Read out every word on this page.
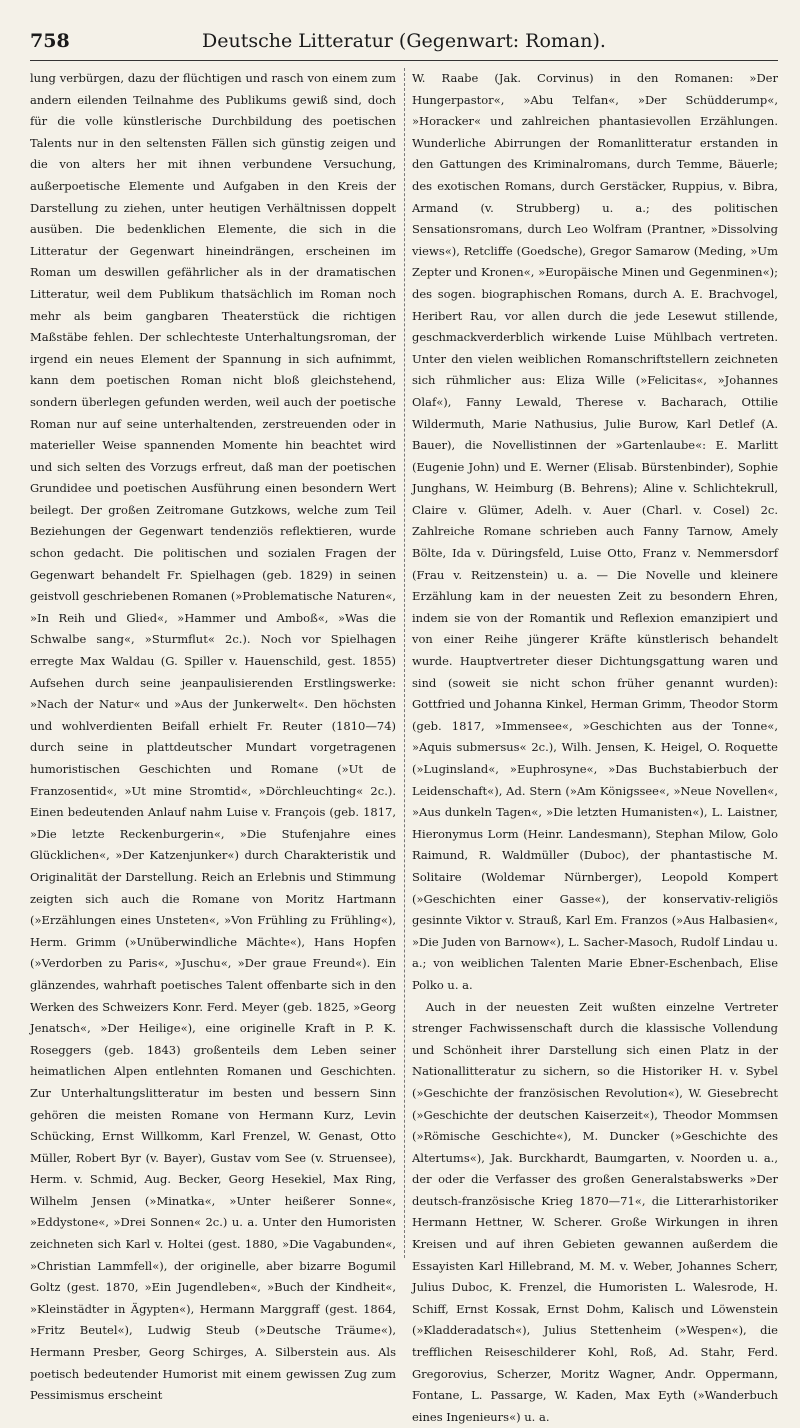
758	Deutsche Litteratur (Gegenwart: Roman).

lung verbürgen, dazu der flüchtigen und rasch von einem zum andern eilenden Teilnahme des Publikums gewiß sind, doch für die volle künstlerische Durchbildung des poetischen Talents nur in den seltensten Fällen sich günstig zeigen und die von alters her mit ihnen verbundene Versuchung, außerpoetische Elemente und Aufgaben in den Kreis der Darstellung zu ziehen, unter heutigen Verhältnissen doppelt ausüben. Die bedenklichen Elemente, die sich in die Litteratur der Gegenwart hineindrängen, erscheinen im Roman um deswillen gefährlicher als in der dramatischen Litteratur, weil dem Publikum thatsächlich im Roman noch mehr als beim gangbaren Theaterstück die richtigen Maßstäbe fehlen. Der schlechteste Unterhaltungsroman, der irgend ein neues Element der Spannung in sich aufnimmt, kann dem poetischen Roman nicht bloß gleichstehend, sondern überlegen gefunden werden, weil auch der poetische Roman nur auf seine unterhaltenden, zerstreuenden oder in materieller Weise spannenden Momente hin beachtet wird und sich selten des Vorzugs erfreut, daß man der poetischen Grundidee und poetischen Ausführung einen besondern Wert beilegt. Der großen Zeitromane Gutzkows, welche zum Teil Beziehungen der Gegenwart tendenziös reflektieren, wurde schon gedacht. Die politischen und sozialen Fragen der Gegenwart behandelt Fr. Spielhagen (geb. 1829) in seinen geistvoll geschriebenen Romanen (»Problematische Naturen«, »In Reih und Glied«, »Hammer und Amboß«, »Was die Schwalbe sang«, »Sturmflut« 2c.). Noch vor Spielhagen erregte Max Waldau (G. Spiller v. Hauenschild, gest. 1855) Aufsehen durch seine jeanpaulisierenden Erstlingswerke: »Nach der Natur« und »Aus der Junkerwelt«. Den höchsten und wohlverdienten Beifall erhielt Fr. Reuter (1810—74) durch seine in plattdeutscher Mundart vorgetragenen humoristischen Geschichten und Romane (»Ut de Franzosentid«, »Ut mine Stromtid«, »Dörchleuchting« 2c.). Einen bedeutenden Anlauf nahm Luise v. François (geb. 1817, »Die letzte Reckenburgerin«, »Die Stufenjahre eines Glücklichen«, »Der Katzenjunker«) durch Charakteristik und Originalität der Darstellung. Reich an Erlebnis und Stimmung zeigten sich auch die Romane von Moritz Hartmann (»Erzählungen eines Unsteten«, »Von Frühling zu Frühling«), Herm. Grimm (»Unüberwindliche Mächte«), Hans Hopfen (»Verdorben zu Paris«, »Juschu«, »Der graue Freund«). Ein glänzendes, wahrhaft poetisches Talent offenbarte sich in den Werken des Schweizers Konr. Ferd. Meyer (geb. 1825, »Georg Jenatsch«, »Der Heilige«), eine originelle Kraft in P. K. Roseggers (geb. 1843) großenteils dem Leben seiner heimatlichen Alpen entlehnten Romanen und Geschichten. Zur Unterhaltungslitteratur im besten und bessern Sinn gehören die meisten Romane von Hermann Kurz, Levin Schücking, Ernst Willkomm, Karl Frenzel, W. Genast, Otto Müller, Robert Byr (v. Bayer), Gustav vom See (v. Struensee), Herm. v. Schmid, Aug. Becker, Georg Hesekiel, Max Ring, Wilhelm Jensen (»Minatka«, »Unter heißerer Sonne«, »Eddystone«, »Drei Sonnen« 2c.) u. a. Unter den Humoristen zeichneten sich Karl v. Holtei (gest. 1880, »Die Vagabunden«, »Christian Lammfell«), der originelle, aber bizarre Bogumil Goltz (gest. 1870, »Ein Jugendleben«, »Buch der Kindheit«, »Kleinstädter in Ägypten«), Hermann Marggraff (gest. 1864, »Fritz Beutel«), Ludwig Steub (»Deutsche Träume«), Hermann Presber, Georg Schirges, A. Silberstein aus. Als poetisch bedeutender Humorist mit einem gewissen Zug zum Pessimismus erscheint

W. Raabe (Jak. Corvinus) in den Romanen: »Der Hungerpastor«, »Abu Telfan«, »Der Schüdderump«, »Horacker« und zahlreichen phantasievollen Erzählungen. Wunderliche Abirrungen der Romanlitteratur erstanden in den Gattungen des Kriminalromans, durch Temme, Bäuerle; des exotischen Romans, durch Gerstäcker, Ruppius, v. Bibra, Armand (v. Strubberg) u. a.; des politischen Sensationsromans, durch Leo Wolfram (Prantner, »Dissolving views«), Retcliffe (Goedsche), Gregor Samarow (Meding, »Um Zepter und Kronen«, »Europäische Minen und Gegenminen«); des sogen. biographischen Romans, durch A. E. Brachvogel, Heribert Rau, vor allen durch die jede Lesewut stillende, geschmackverderblich wirkende Luise Mühlbach vertreten. Unter den vielen weiblichen Romanschriftstellern zeichneten sich rühmlicher aus: Eliza Wille (»Felicitas«, »Johannes Olaf«), Fanny Lewald, Therese v. Bacharach, Ottilie Wildermuth, Marie Nathusius, Julie Burow, Karl Detlef (A. Bauer), die Novellistinnen der »Gartenlaube«: E. Marlitt (Eugenie John) und E. Werner (Elisab. Bürstenbinder), Sophie Junghans, W. Heimburg (B. Behrens); Aline v. Schlichtekrull, Claire v. Glümer, Adelh. v. Auer (Charl. v. Cosel) 2c. Zahlreiche Romane schrieben auch Fanny Tarnow, Amely Bölte, Ida v. Düringsfeld, Luise Otto, Franz v. Nemmersdorf (Frau v. Reitzenstein) u. a. — Die Novelle und kleinere Erzählung kam in der neuesten Zeit zu besondern Ehren, indem sie von der Romantik und Reflexion emanzipiert und von einer Reihe jüngerer Kräfte künstlerisch behandelt wurde. Hauptvertreter dieser Dichtungsgattung waren und sind (soweit sie nicht schon früher genannt wurden): Gottfried und Johanna Kinkel, Herman Grimm, Theodor Storm (geb. 1817, »Immensee«, »Geschichten aus der Tonne«, »Aquis submersus« 2c.), Wilh. Jensen, K. Heigel, O. Roquette (»Luginsland«, »Euphrosyne«, »Das Buchstabierbuch der Leidenschaft«), Ad. Stern (»Am Königssee«, »Neue Novellen«, »Aus dunkeln Tagen«, »Die letzten Humanisten«), L. Laistner, Hieronymus Lorm (Heinr. Landesmann), Stephan Milow, Golo Raimund, R. Waldmüller (Duboc), der phantastische M. Solitaire (Woldemar Nürnberger), Leopold Kompert (»Geschichten einer Gasse«), der konservativ-religiös gesinnte Viktor v. Strauß, Karl Em. Franzos (»Aus Halbasien«, »Die Juden von Barnow«), L. Sacher-Masoch, Rudolf Lindau u. a.; von weiblichen Talenten Marie Ebner-Eschenbach, Elise Polko u. a.

Auch in der neuesten Zeit wußten einzelne Vertreter strenger Fachwissenschaft durch die klassische Vollendung und Schönheit ihrer Darstellung sich einen Platz in der Nationallitteratur zu sichern, so die Historiker H. v. Sybel (»Geschichte der französischen Revolution«), W. Giesebrecht (»Geschichte der deutschen Kaiserzeit«), Theodor Mommsen (»Römische Geschichte«), M. Duncker (»Geschichte des Altertums«), Jak. Burckhardt, Baumgarten, v. Noorden u. a., der oder die Verfasser des großen Generalstabswerks »Der deutsch-französische Krieg 1870—71«, die Litterarhistoriker Hermann Hettner, W. Scherer. Große Wirkungen in ihren Kreisen und auf ihren Gebieten gewannen außerdem die Essayisten Karl Hillebrand, M. M. v. Weber, Johannes Scherr, Julius Duboc, K. Frenzel, die Humoristen L. Walesrode, H. Schiff, Ernst Kossak, Ernst Dohm, Kalisch und Löwenstein (»Kladderadatsch«), Julius Stettenheim (»Wespen«), die trefflichen Reiseschilderer Kohl, Roß, Ad. Stahr, Ferd. Gregorovius, Scherzer, Moritz Wagner, Andr. Oppermann, Fontane, L. Passarge, W. Kaden, Max Eyth (»Wanderbuch eines Ingenieurs«) u. a.
